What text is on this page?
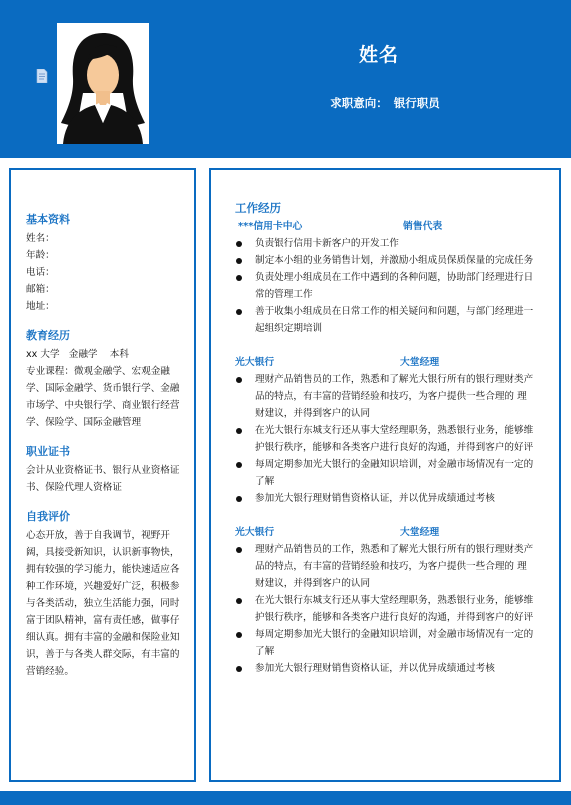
姓名
求职意向： 银行职员
基本资料

姓名：

年龄：

电话：

邮箱：

地址：

教育经历

xx 大学   金融学    本科

专业课程：微观金融学、宏观金融学、国际金融学、货币银行学、金融市场学、中央银行学、商业银行经营学、保险学、国际金融管理

职业证书

会计从业资格证书、银行从业资格证书、保险代理人资格证

自我评价

心态开放，善于自我调节，视野开阔，具接受新知识，认识新事物快，拥有较强的学习能力，能快速适应各种工作环境，兴趣爱好广泛，积极参与各类活动，独立生活能力强，同时富于团队精神，富有责任感，做事仔细认真。拥有丰富的金融和保险业知识，善于与各类人群交际，有丰富的营销经验。

工作经历
***信用卡中心	销售代表
负责银行信用卡新客户的开发工作
制定本小组的业务销售计划，并激励小组成员保质保量的完成任务
负责处理小组成员在工作中遇到的各种问题，协助部门经理进行日常的管理工作
善于收集小组成员在日常工作的相关疑问和问题，与部门经理进一起组织定期培训
光大银行	大堂经理
理财产品销售员的工作，熟悉和了解光大银行所有的银行理财类产品的特点，有丰富的营销经验和技巧，为客户提供一些合理的 理财建议，并得到客户的认同
在光大银行东城支行还从事大堂经理职务，熟悉银行业务，能够维护银行秩序，能够和各类客户进行良好的沟通，并得到客户的好评
每周定期参加光大银行的金融知识培训，对金融市场情况有一定的了解
参加光大银行理财销售资格认证，并以优异成绩通过考核
光大银行	大堂经理
理财产品销售员的工作，熟悉和了解光大银行所有的银行理财类产品的特点，有丰富的营销经验和技巧，为客户提供一些合理的 理财建议，并得到客户的认同
在光大银行东城支行还从事大堂经理职务，熟悉银行业务，能够维护银行秩序，能够和各类客户进行良好的沟通，并得到客户的好评
每周定期参加光大银行的金融知识培训，对金融市场情况有一定的了解
参加光大银行理财销售资格认证，并以优异成绩通过考核
